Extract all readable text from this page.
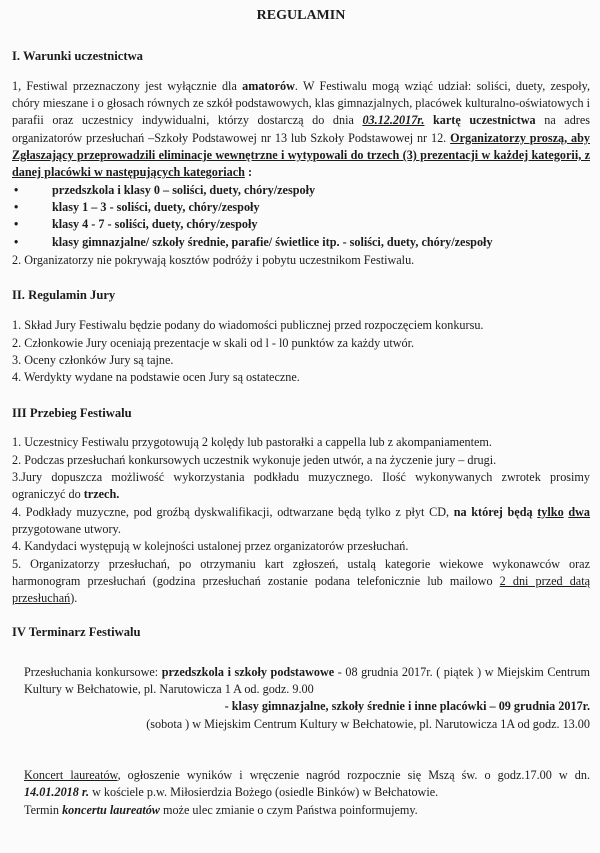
REGULAMIN
I. Warunki uczestnictwa

1, Festiwal przeznaczony jest wyłącznie dla amatorów. W Festiwalu mogą wziąć udział: soliści, duety, zespoły, chóry mieszane i o głosach równych ze szkół podstawowych, klas gimnazjalnych, placówek kulturalno-oświatowych i parafii oraz uczestnicy indywidualni, którzy dostarczą do dnia 03.12.2017r. kartę uczestnictwa na adres organizatorów przesłuchań –Szkoły Podstawowej nr 13 lub Szkoły Podstawowej nr 12. Organizatorzy proszą, aby Zgłaszający przeprowadzili eliminacje wewnętrzne i wytypowali do trzech (3) prezentacji w każdej kategorii, z danej placówki w następujących kategoriach :

•	przedszkola i klasy 0 – soliści, duety, chóry/zespoły
•	klasy 1 – 3 - soliści, duety, chóry/zespoły
•	klasy 4 - 7 - soliści, duety, chóry/zespoły
•	klasy gimnazjalne/ szkoły średnie, parafie/ świetlice itp. - soliści, duety, chóry/zespoły

2. Organizatorzy nie pokrywają kosztów podróży i pobytu uczestnikom Festiwalu.

II. Regulamin Jury

1. Skład Jury Festiwalu będzie podany do wiadomości publicznej przed rozpoczęciem konkursu.

2. Członkowie Jury oceniają prezentacje w skali od l - l0 punktów za każdy utwór.

3. Oceny członków Jury są tajne.

4. Werdykty wydane na podstawie ocen Jury są ostateczne.

III Przebieg Festiwalu

1. Uczestnicy Festiwalu przygotowują 2 kolędy lub pastorałki a cappella lub z akompaniamentem.

2. Podczas przesłuchań konkursowych uczestnik wykonuje jeden utwór, a na życzenie jury – drugi.

3.Jury dopuszcza możliwość wykorzystania podkładu muzycznego. Ilość wykonywanych zwrotek prosimy ograniczyć do trzech.

4. Podkłady muzyczne, pod groźbą dyskwalifikacji, odtwarzane będą tylko z płyt CD, na której będą tylko dwa przygotowane utwory.

4. Kandydaci występują w kolejności ustalonej przez organizatorów przesłuchań.

5. Organizatorzy przesłuchań, po otrzymaniu kart zgłoszeń, ustalą kategorie wiekowe wykonawców oraz harmonogram przesłuchań (godzina przesłuchań zostanie podana telefonicznie lub mailowo 2 dni przed datą przesłuchań).

IV Terminarz Festiwalu

Przesłuchania konkursowe: przedszkola i szkoły podstawowe - 08 grudnia 2017r. ( piątek ) w Miejskim Centrum Kultury w Bełchatowie, pl. Narutowicza 1 A od. godz. 9.00

- klasy gimnazjalne, szkoły średnie i inne placówki – 09 grudnia 2017r.

(sobota ) w Miejskim Centrum Kultury w Bełchatowie, pl. Narutowicza 1A od godz. 13.00

Koncert laureatów, ogłoszenie wyników i wręczenie nagród rozpocznie się Mszą św. o godz.17.00 w dn. 14.01.2018 r. w kościele p.w. Miłosierdzia Bożego (osiedle Binków) w Bełchatowie.

Termin koncertu laureatów może ulec zmianie o czym Państwa poinformujemy.
